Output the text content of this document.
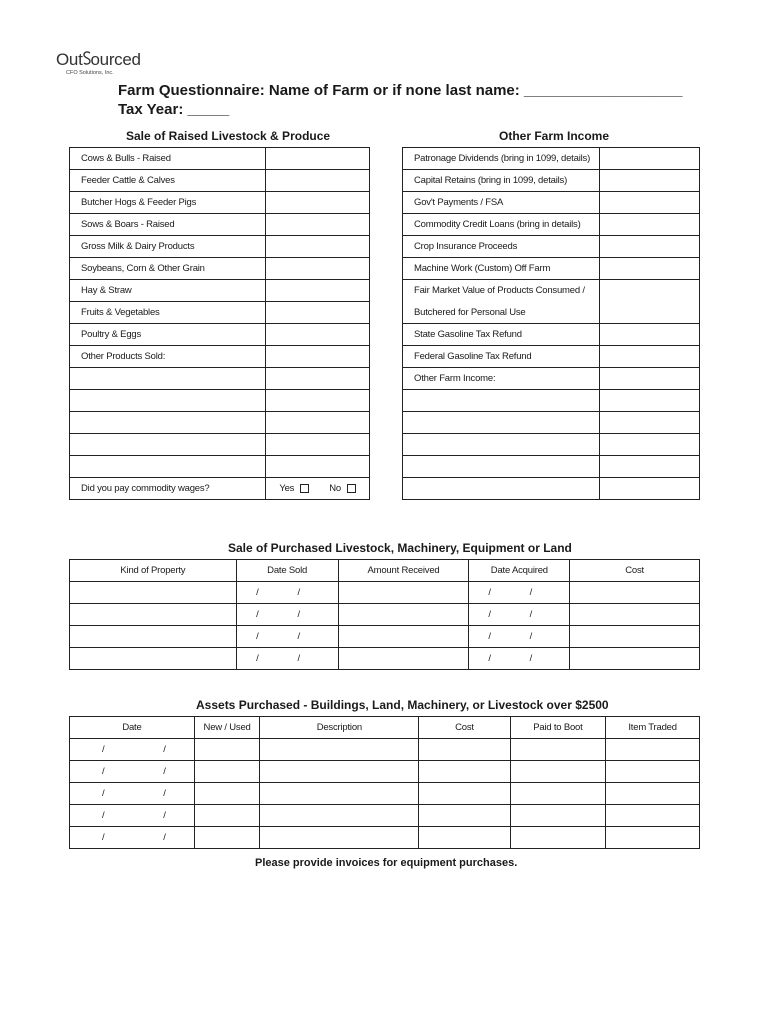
Out ourced
CFO Solutions, Inc.
Farm Questionnaire: Name of Farm or if none last name: ___________________
Tax Year: _____
Sale of Raised Livestock & Produce	Other Farm Income
Cows & Bulls - Raised	
Feeder Cattle & Calves	
Butcher Hogs & Feeder Pigs	
Sows & Boars - Raised	
Gross Milk & Dairy Products	
Soybeans, Corn & Other Grain	
Hay & Straw	
Fruits & Vegetables	
Poultry & Eggs	
Other Products Sold:	

Did you pay commodity wages?	Yes No
Patronage Dividends (bring in 1099, details)	
Capital Retains (bring in 1099, details)	
Gov't Payments / FSA	
Commodity Credit Loans (bring in details)	
Crop Insurance Proceeds	
Machine Work (Custom) Off Farm	
Fair Market Value of Products Consumed /	
Butchered for Personal Use	
State Gasoline Tax Refund	
Federal Gasoline Tax Refund	
Other Farm Income:	

Sale of Purchased Livestock, Machinery, Equipment or Land
Kind of Property	Date Sold	Amount Received	Date Acquired	Cost
	/ /		/ /	
	/ /		/ /	
	/ /		/ /	
	/ /		/ /	
Assets Purchased - Buildings, Land, Machinery, or Livestock over $2500
Date	New / Used	Description	Cost	Paid to Boot	Item Traded
/ /					
/ /					
/ /					
/ /					
/ /					
Please provide invoices for equipment purchases.
